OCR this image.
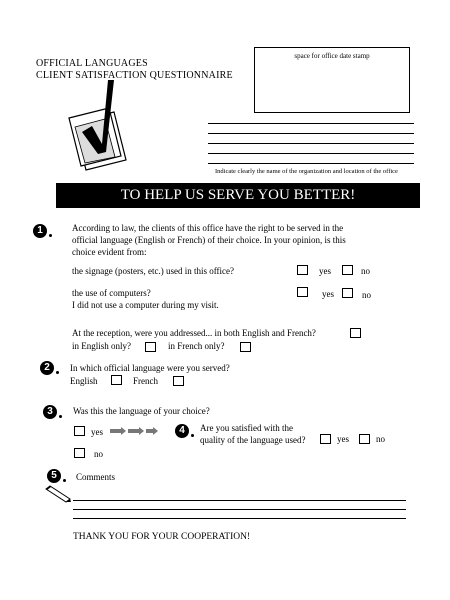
OFFICIAL LANGUAGES
CLIENT SATISFACTION QUESTIONNAIRE
space for office date stamp
Indicate clearly the name of the organization and location of the office
TO HELP US SERVE YOU BETTER!
1	According to law, the clients of this office have the right to be served in the
official language (English or French) of their choice. In your opinion, is this
choice evident from:
the signage (posters, etc.) used in this office?	yes	no
the use of computers?	yes	no
I did not use a computer during my visit.
At the reception, were you addressed... in both English and French?
in English only?	in French only?
2	In which official language were you served?
English	French
3	Was this the language of your choice?
yes
no
4	Are you satisfied with the
quality of the language used?	yes	no
5	Comments
THANK YOU FOR YOUR COOPERATION!
